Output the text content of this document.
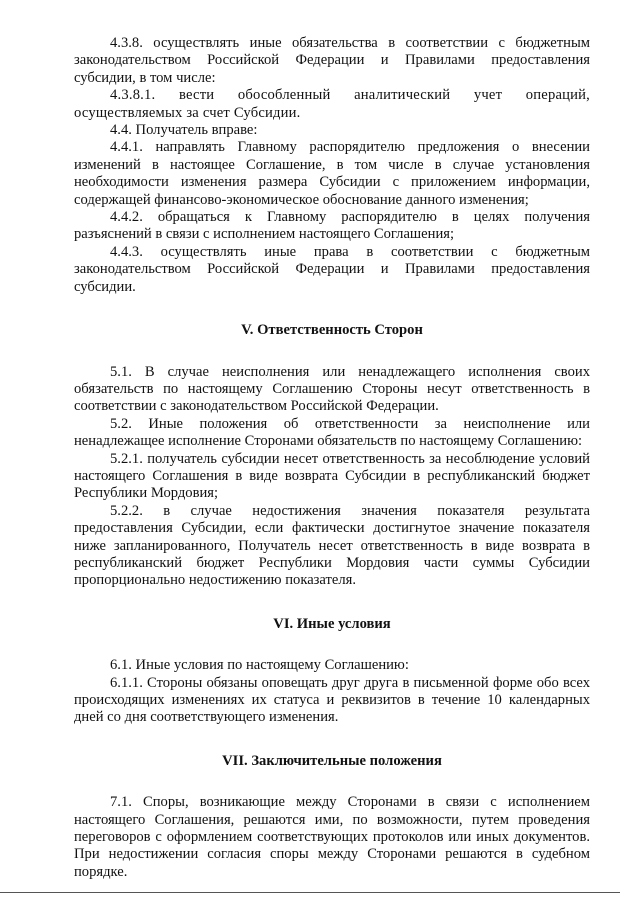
4.3.8. осуществлять иные обязательства в соответствии с бюджетным законодательством Российской Федерации и Правилами предоставления субсидии, в том числе:

4.3.8.1. вести обособленный аналитический учет операций, осуществляемых за счет Субсидии.

4.4. Получатель вправе:

4.4.1. направлять Главному распорядителю предложения о внесении изменений в настоящее Соглашение, в том числе в случае установления необходимости изменения размера Субсидии с приложением информации, содержащей финансово-экономическое обоснование данного изменения;

4.4.2. обращаться к Главному распорядителю в целях получения разъяснений в связи с исполнением настоящего Соглашения;

4.4.3. осуществлять иные права в соответствии с бюджетным законодательством Российской Федерации и Правилами предоставления субсидии.

V. Ответственность Сторон

5.1. В случае неисполнения или ненадлежащего исполнения своих обязательств по настоящему Соглашению Стороны несут ответственность в соответствии с законодательством Российской Федерации.

5.2. Иные положения об ответственности за неисполнение или ненадлежащее исполнение Сторонами обязательств по настоящему Соглашению:

5.2.1. получатель субсидии несет ответственность за несоблюдение условий настоящего Соглашения в виде возврата Субсидии в республиканский бюджет Республики Мордовия;

5.2.2. в случае недостижения значения показателя результата предоставления Субсидии, если фактически достигнутое значение показателя ниже запланированного, Получатель несет ответственность в виде возврата в республиканский бюджет Республики Мордовия части суммы Субсидии пропорционально недостижению показателя.

VI. Иные условия

6.1. Иные условия по настоящему Соглашению:

6.1.1. Стороны обязаны оповещать друг друга в письменной форме обо всех происходящих изменениях их статуса и реквизитов в течение 10 календарных дней со дня соответствующего изменения.

VII. Заключительные положения

7.1. Споры, возникающие между Сторонами в связи с исполнением настоящего Соглашения, решаются ими, по возможности, путем проведения переговоров с оформлением соответствующих протоколов или иных документов. При недостижении согласия споры между Сторонами решаются в судебном порядке.
